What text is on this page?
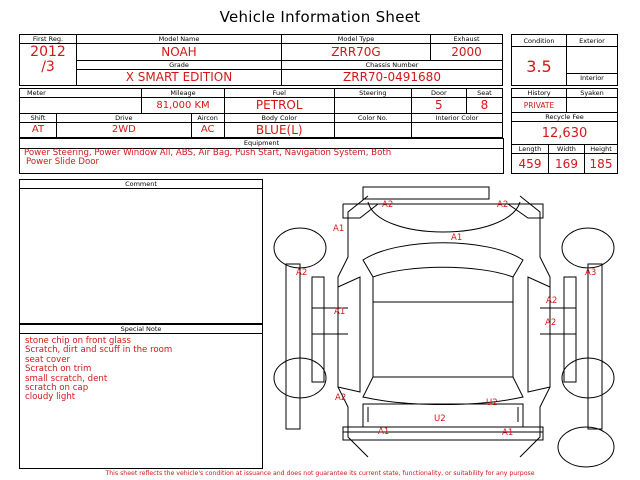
Vehicle Information Sheet
First Reg.	Model Name	Model Type	Exhaust

2012
/3	NOAH	ZRR70G	2000
	Grade	Chassis Number	
	X SMART EDITION	ZRR70-0491680	
Condition	Exterior
3.5	
	Interior
Meter		Mileage		Fuel	Steering	Door	Seat
		81,000 KM		PETROL		5	8
Shift	Drive		Aircon	Body Color	Color No.	Interior Color	
AT	2WD		AC	BLUE(L)			
History	Syaken
PRIVATE	
Recycle Fee	
12,630	
Equipment
Power Steering, Power Window All, ABS, Air Bag, Push Start, Navigation System, Both
Power Slide Door
Length	Width	Height
459	169	185
Comment
Special Note
stone chip on front glass
Scratch, dirt and scuff in the room
seat cover
Scratch on trim
small scratch, dent
scratch on cap
cloudy light
A2	A2
A1
A1
A2	A3
A2
A1
A2
A2	U2
U2
A1	A1
This sheet reflects the vehicle's condition at issuance and does not guarantee its current state, functionality, or suitability for any purpose
